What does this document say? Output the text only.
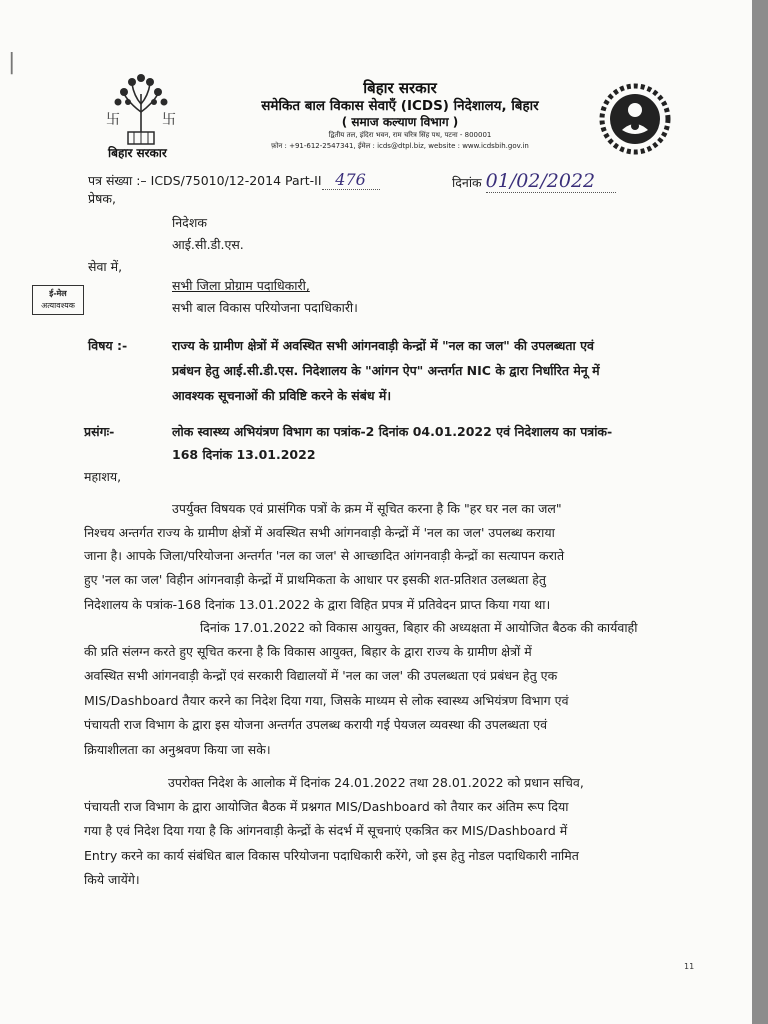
|
卐	卐
बिहार सरकार
बिहार सरकार
समेकित बाल विकास सेवाएँ (ICDS) निदेशालय, बिहार
( समाज कल्याण विभाग )
द्वितीय तल, इंदिरा भवन, राम चरित्र सिंह पथ, पटना - 800001
फ़ोन : +91-612-2547341, ईमेल : icds@dtpl.biz, website : www.icdsbih.gov.in
पत्र संख्या :– ICDS/75010/12-2014 Part-II 476	दिनांक 01/02/2022
प्रेषक,
निदेशक
आई.सी.डी.एस.
सेवा में,
सभी जिला प्रोग्राम पदाधिकारी,
सभी बाल विकास परियोजना पदाधिकारी।
ई-मेल
अत्यावश्यक
विषय :-	राज्य के ग्रामीण क्षेत्रों में अवस्थित सभी आंगनवाड़ी केन्द्रों में "नल का जल" की उपलब्धता एवं
प्रबंधन हेतु आई.सी.डी.एस. निदेशालय के "आंगन ऐप" अन्तर्गत NIC के द्वारा निर्धारित मेनू में
आवश्यक सूचनाओं की प्रविष्टि करने के संबंध में।
प्रसंगः-	लोक स्वास्थ्य अभियंत्रण विभाग का पत्रांक-2 दिनांक 04.01.2022 एवं निदेशालय का पत्रांक-
168 दिनांक 13.01.2022
महाशय,
उपर्युक्त विषयक एवं प्रासंगिक पत्रों के क्रम में सूचित करना है कि "हर घर नल का जल"
निश्चय अन्तर्गत राज्य के ग्रामीण क्षेत्रों में अवस्थित सभी आंगनवाड़ी केन्द्रों में 'नल का जल' उपलब्ध कराया
जाना है। आपके जिला/परियोजना अन्तर्गत 'नल का जल' से आच्छादित आंगनवाड़ी केन्द्रों का सत्यापन कराते
हुए 'नल का जल' विहीन आंगनवाड़ी केन्द्रों में प्राथमिकता के आधार पर इसकी शत-प्रतिशत उलब्धता हेतु
निदेशालय के पत्रांक-168 दिनांक 13.01.2022 के द्वारा विहित प्रपत्र में प्रतिवेदन प्राप्त किया गया था।
दिनांक 17.01.2022 को विकास आयुक्त, बिहार की अध्यक्षता में आयोजित बैठक की कार्यवाही
की प्रति संलग्न करते हुए सूचित करना है कि विकास आयुक्त, बिहार के द्वारा राज्य के ग्रामीण क्षेत्रों में
अवस्थित सभी आंगनवाड़ी केन्द्रों एवं सरकारी विद्यालयों में 'नल का जल' की उपलब्धता एवं प्रबंधन हेतु एक
MIS/Dashboard तैयार करने का निदेश दिया गया, जिसके माध्यम से लोक स्वास्थ्य अभियंत्रण विभाग एवं
पंचायती राज विभाग के द्वारा इस योजना अन्तर्गत उपलब्ध करायी गई पेयजल व्यवस्था की उपलब्धता एवं
क्रियाशीलता का अनुश्रवण किया जा सके।
उपरोक्त निदेश के आलोक में दिनांक 24.01.2022 तथा 28.01.2022 को प्रधान सचिव,
पंचायती राज विभाग के द्वारा आयोजित बैठक में प्रश्नगत MIS/Dashboard को तैयार कर अंतिम रूप दिया
गया है एवं निदेश दिया गया है कि आंगनवाड़ी केन्द्रों के संदर्भ में सूचनाएं एकत्रित कर MIS/Dashboard में
Entry करने का कार्य संबंधित बाल विकास परियोजना पदाधिकारी करेंगे, जो इस हेतु नोडल पदाधिकारी नामित
किये जायेंगे।
11
